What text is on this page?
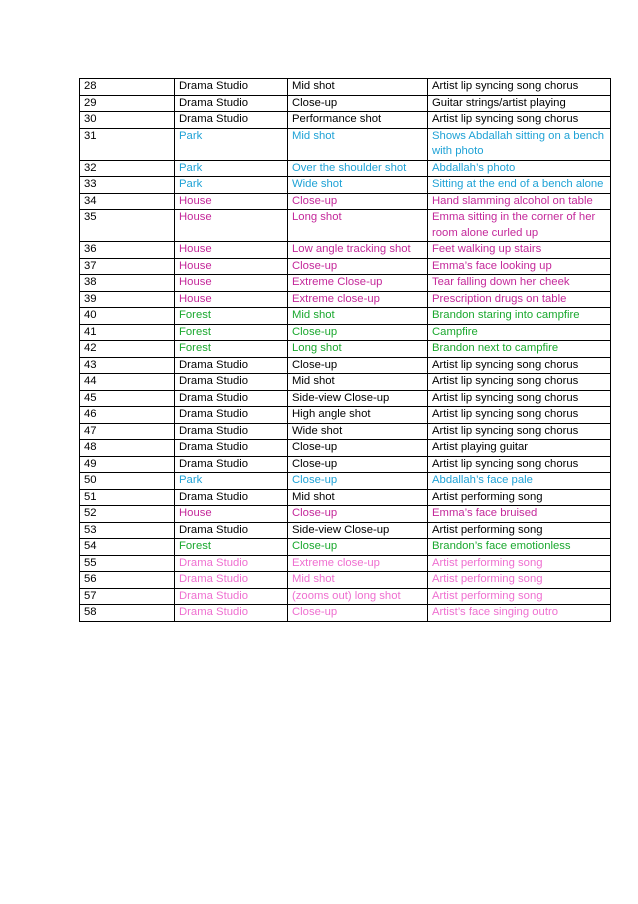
28	Drama Studio	Mid shot	Artist lip syncing song chorus
29	Drama Studio	Close-up	Guitar strings/artist playing
30	Drama Studio	Performance shot	Artist lip syncing song chorus
31	Park	Mid shot	Shows Abdallah sitting on a bench with photo
32	Park	Over the shoulder shot	Abdallah’s photo
33	Park	Wide shot	Sitting at the end of a bench alone
34	House	Close-up	Hand slamming alcohol on table
35	House	Long shot	Emma sitting in the corner of her room alone curled up
36	House	Low angle tracking shot	Feet walking up stairs
37	House	Close-up	Emma’s face looking up
38	House	Extreme Close-up	Tear falling down her cheek
39	House	Extreme close-up	Prescription drugs on table
40	Forest	Mid shot	Brandon staring into campfire
41	Forest	Close-up	Campfire
42	Forest	Long shot	Brandon next to campfire
43	Drama Studio	Close-up	Artist lip syncing song chorus
44	Drama Studio	Mid shot	Artist lip syncing song chorus
45	Drama Studio	Side-view Close-up	Artist lip syncing song chorus
46	Drama Studio	High angle shot	Artist lip syncing song chorus
47	Drama Studio	Wide shot	Artist lip syncing song chorus
48	Drama Studio	Close-up	Artist playing guitar
49	Drama Studio	Close-up	Artist lip syncing song chorus
50	Park	Close-up	Abdallah’s face pale
51	Drama Studio	Mid shot	Artist performing song
52	House	Close-up	Emma’s face bruised
53	Drama Studio	Side-view Close-up	Artist performing song
54	Forest	Close-up	Brandon’s face emotionless
55	Drama Studio	Extreme close-up	Artist performing song
56	Drama Studio	Mid shot	Artist performing song
57	Drama Studio	(zooms out) long shot	Artist performing song
58	Drama Studio	Close-up	Artist’s face singing outro
